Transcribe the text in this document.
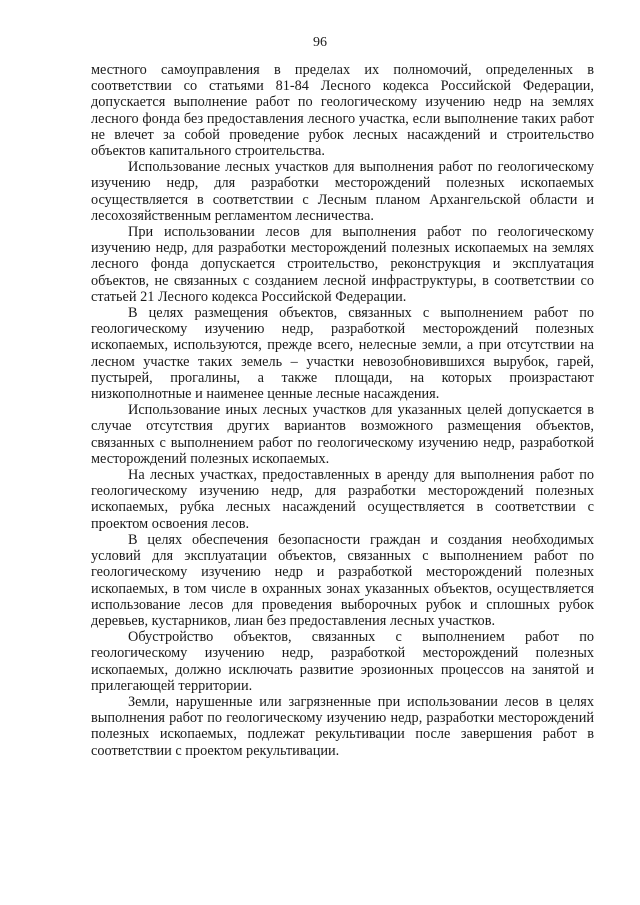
96

местного самоуправления в пределах их полномочий, определенных в соответствии со статьями 81-84 Лесного кодекса Российской Федерации, допускается выполнение работ по геологическому изучению недр на землях лесного фонда без предоставления лесного участка, если выполнение таких работ не влечет за собой проведение рубок лесных насаждений и строительство объектов капитального строительства.

Использование лесных участков для выполнения работ по геологическому изучению недр, для разработки месторождений полезных ископаемых осуществляется в соответствии с Лесным планом Архангельской области и лесохозяйственным регламентом лесничества.

При использовании лесов для выполнения работ по геологическому изучению недр, для разработки месторождений полезных ископаемых на землях лесного фонда допускается строительство, реконструкция и эксплуатация объектов, не связанных с созданием лесной инфраструктуры, в соответствии со статьей 21 Лесного кодекса Российской Федерации.

В целях размещения объектов, связанных с выполнением работ по геологическому изучению недр, разработкой месторождений полезных ископаемых, используются, прежде всего, нелесные земли, а при отсутствии на лесном участке таких земель – участки невозобновившихся вырубок, гарей, пустырей, прогалины, а также площади, на которых произрастают низкополнотные и наименее ценные лесные насаждения.

Использование иных лесных участков для указанных целей допускается в случае отсутствия других вариантов возможного размещения объектов, связанных с выполнением работ по геологическому изучению недр, разработкой месторождений полезных ископаемых.

На лесных участках, предоставленных в аренду для выполнения работ по геологическому изучению недр, для разработки месторождений полезных ископаемых, рубка лесных насаждений осуществляется в соответствии с проектом освоения лесов.

В целях обеспечения безопасности граждан и создания необходимых условий для эксплуатации объектов, связанных с выполнением работ по геологическому изучению недр и разработкой месторождений полезных ископаемых, в том числе в охранных зонах указанных объектов, осуществляется использование лесов для проведения выборочных рубок и сплошных рубок деревьев, кустарников, лиан без предоставления лесных участков.

Обустройство объектов, связанных с выполнением работ по геологическому изучению недр, разработкой месторождений полезных ископаемых, должно исключать развитие эрозионных процессов на занятой и прилегающей территории.

Земли, нарушенные или загрязненные при использовании лесов в целях выполнения работ по геологическому изучению недр, разработки месторождений полезных ископаемых, подлежат рекультивации после завершения работ в соответствии с проектом рекультивации.
